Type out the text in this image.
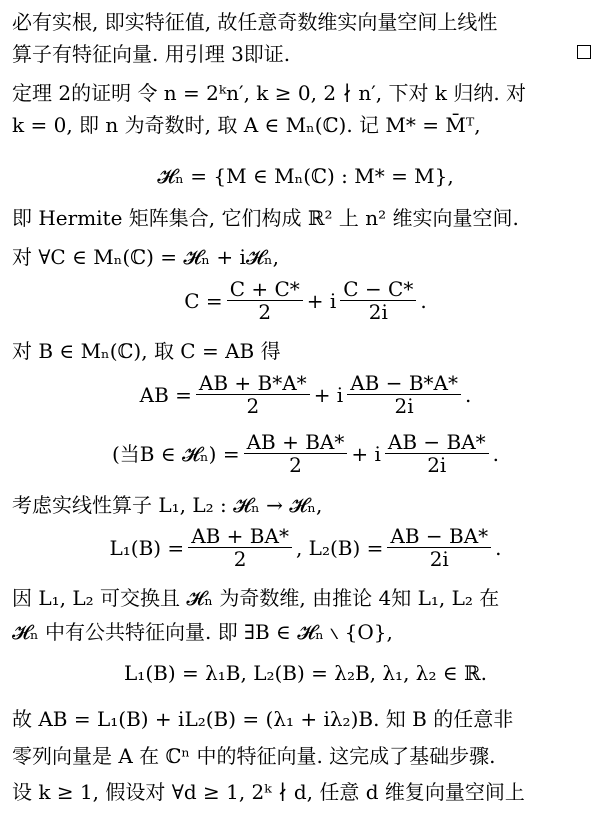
必有实根, 即实特征值, 故任意奇数维实向量空间上线性
算子有特征向量. 用引理 3即证.
定理 2的证明 令 n = 2ᵏn′, k ≥ 0, 2 ∤ n′, 下对 k 归纳. 对
k = 0, 即 n 为奇数时, 取 A ∈ Mₙ(ℂ). 记 M* = M̄ᵀ,
𝓗ₙ = {M ∈ Mₙ(ℂ) : M* = M},
即 Hermite 矩阵集合, 它们构成 ℝ² 上 n² 维实向量空间.
对 ∀C ∈ Mₙ(ℂ) = 𝓗ₙ + i𝓗ₙ,
$C = \frac{C + C*}{2} + i \frac{C - C*}{2i}$ .
对 B ∈ Mₙ(ℂ), 取 C = AB 得
AB = $\frac{AB + B*A*}{2} + i \frac{AB - B*A*}{2i}$ .
(当B ∈ 𝓗ₙ) = $\frac{AB + BA*}{2} + i \frac{AB - BA*}{2i}$ .
考虑实线性算子 L₁, L₂ : 𝓗ₙ → 𝓗ₙ,
$L_1(B) = \frac{AB + BA*}{2}$ , $L_2(B) = \frac{AB - BA*}{2i}$ .
因 L₁, L₂ 可交换且 𝓗ₙ 为奇数维, 由推论 4知 L₁, L₂ 在
𝓗ₙ 中有公共特征向量. 即 ∃B ∈ 𝓗ₙ ∖ {O},
L₁(B) = λ₁B, L₂(B) = λ₂B, λ₁, λ₂ ∈ ℝ.
故 AB = L₁(B) + iL₂(B) = (λ₁ + iλ₂)B. 知 B 的任意非
零列向量是 A 在 ℂⁿ 中的特征向量. 这完成了基础步骤.
设 k ≥ 1, 假设对 ∀d ≥ 1, 2ᵏ ∤ d, 任意 d 维复向量空间上
